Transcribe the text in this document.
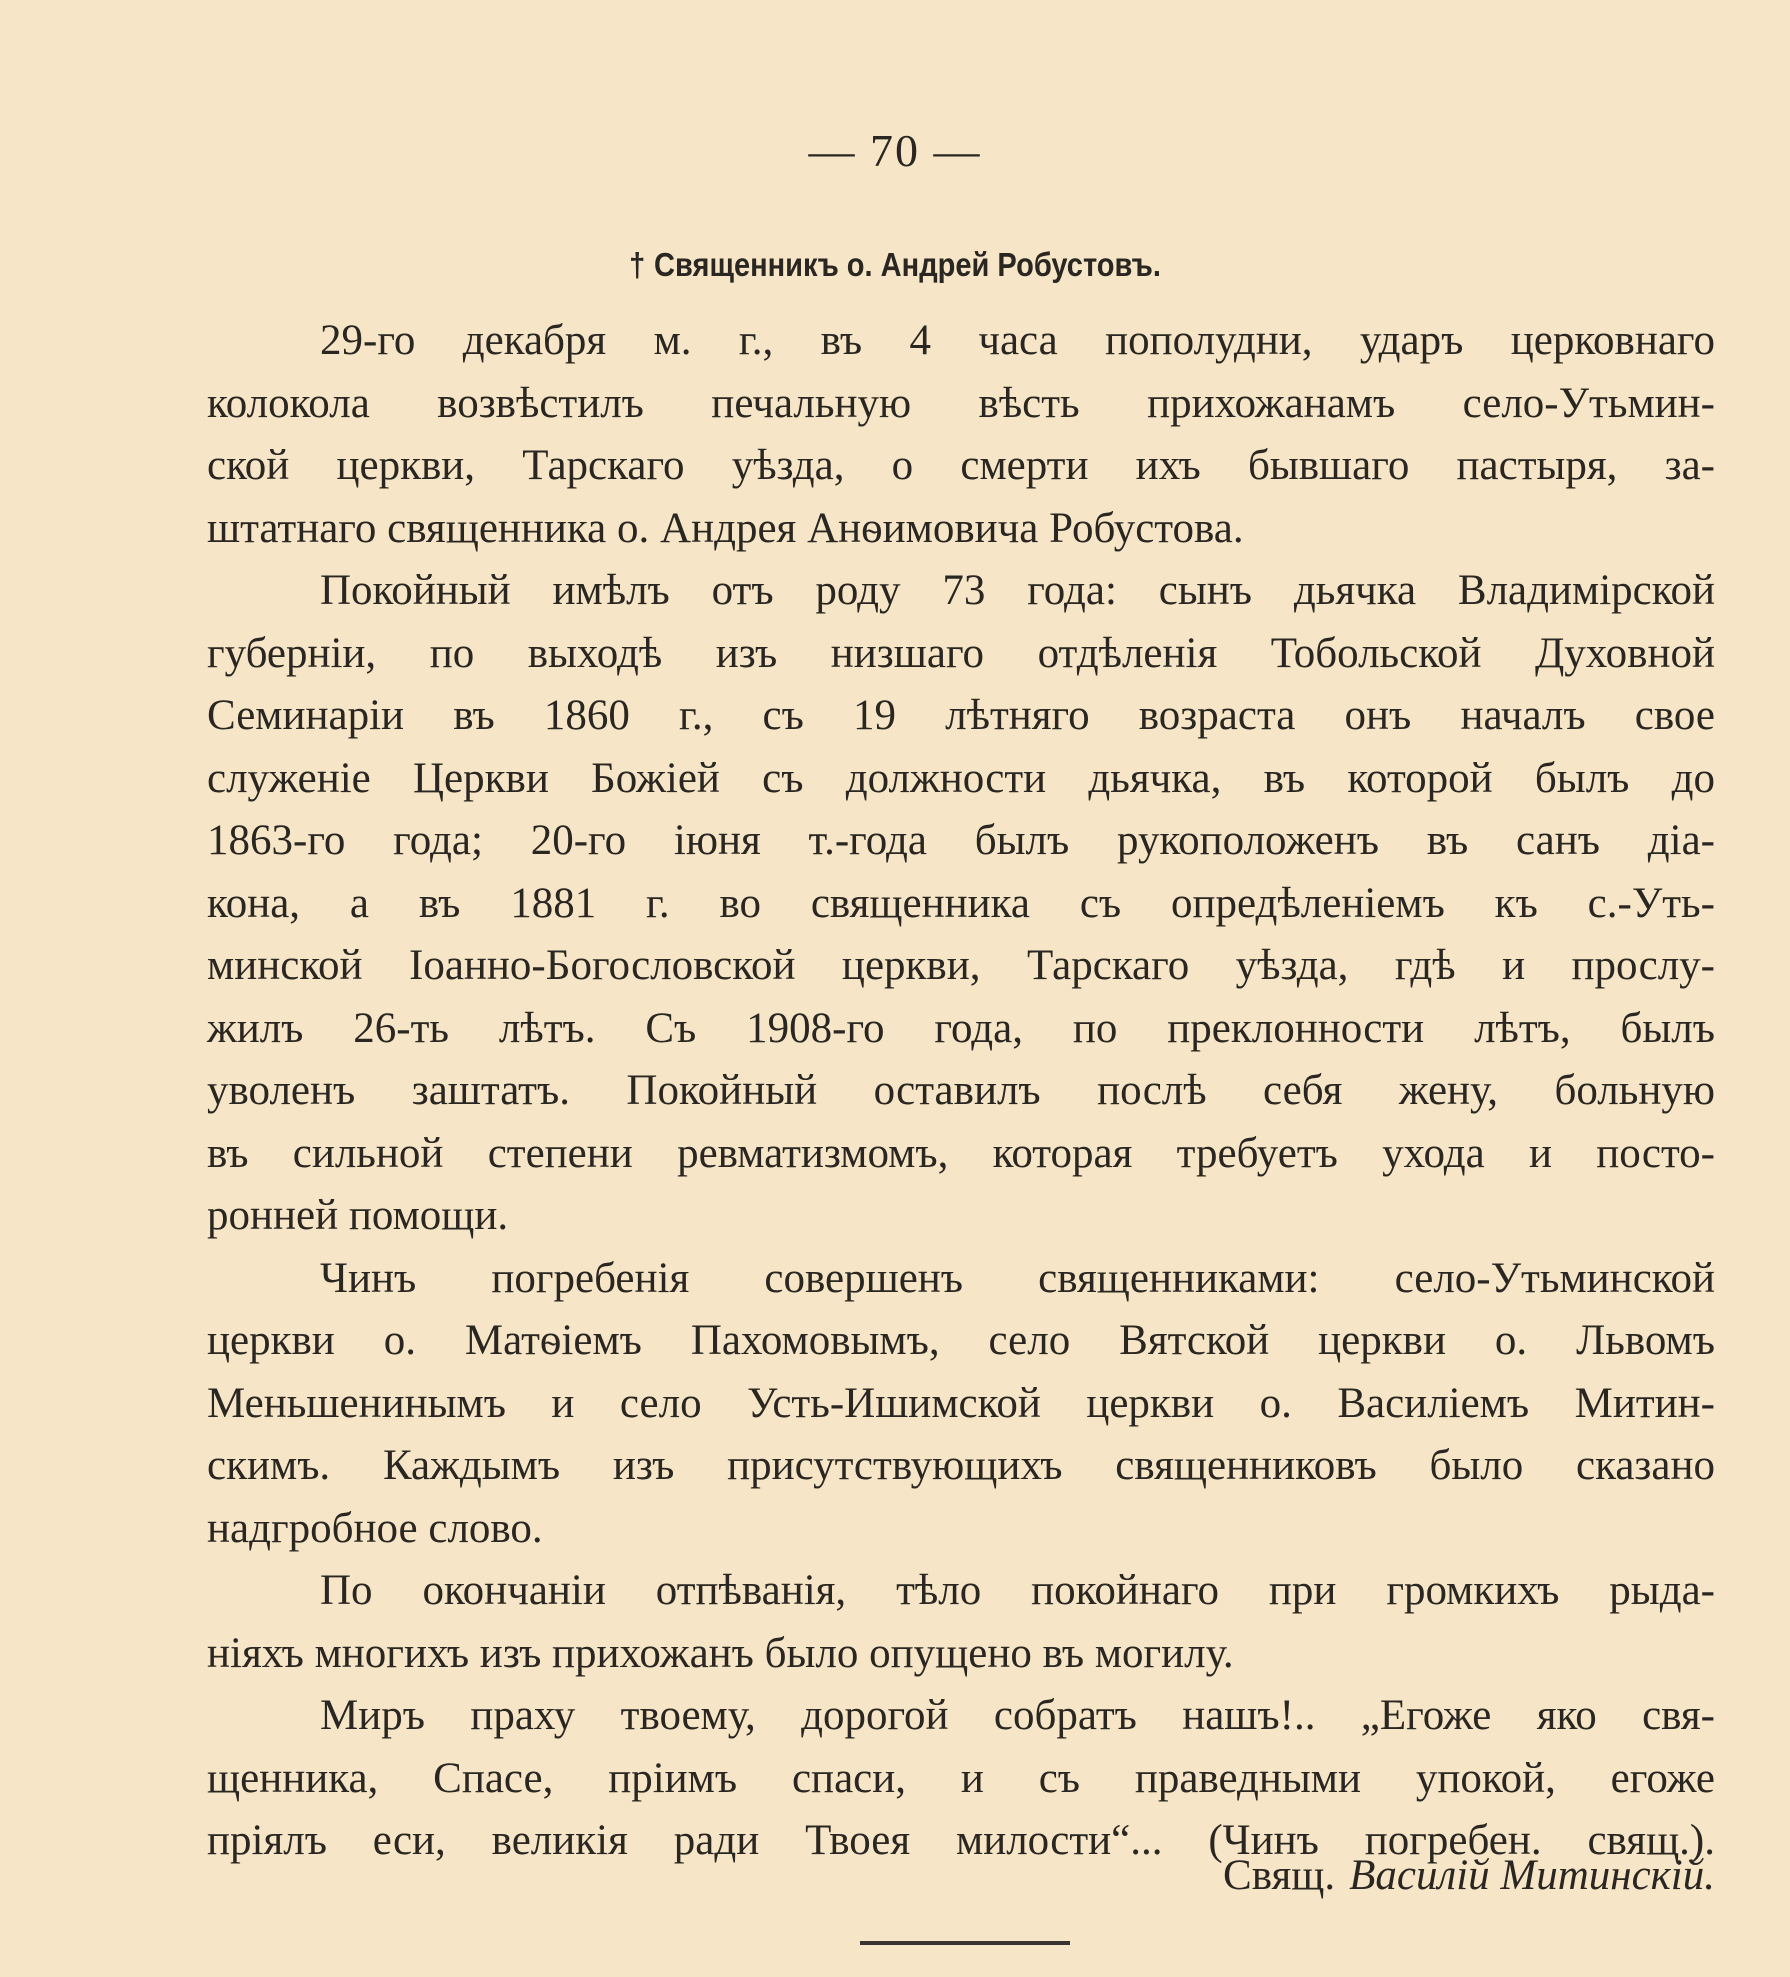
— 70 —
† Священникъ о. Андрей Робустовъ.
29-го декабря м. г., въ 4 часа пополудни, ударъ церковнаго
колокола возвѣстилъ печальную вѣсть прихожанамъ село-Утьмин-
ской церкви, Тарскаго уѣзда, о смерти ихъ бывшаго пастыря, за-
штатнаго священника о. Андрея Анѳимовича Робустова.
Покойный имѣлъ отъ роду 73 года: сынъ дьячка Владимірской
губерніи, по выходѣ изъ низшаго отдѣленія Тобольской Духовной
Семинаріи въ 1860 г., съ 19 лѣтняго возраста онъ началъ свое
служеніе Церкви Божіей съ должности дьячка, въ которой былъ до
1863-го года; 20-го іюня т.-года былъ рукоположенъ въ санъ діа-
кона, а въ 1881 г. во священника съ опредѣленіемъ къ с.-Уть-
минской Іоанно-Богословской церкви, Тарскаго уѣзда, гдѣ и прослу-
жилъ 26-ть лѣтъ. Съ 1908-го года, по преклонности лѣтъ, былъ
уволенъ заштатъ. Покойный оставилъ послѣ себя жену, больную
въ сильной степени ревматизмомъ, которая требуетъ ухода и посто-
ронней помощи.
Чинъ погребенія совершенъ священниками: село-Утьминской
церкви о. Матѳіемъ Пахомовымъ, село Вятской церкви о. Львомъ
Меньшенинымъ и село Усть-Ишимской церкви о. Василіемъ Митин-
скимъ. Каждымъ изъ присутствующихъ священниковъ было сказано
надгробное слово.
По окончаніи отпѣванія, тѣло покойнаго при громкихъ рыда-
ніяхъ многихъ изъ прихожанъ было опущено въ могилу.
Миръ праху твоему, дорогой собратъ нашъ!.. „Егоже яко свя-
щенника, Спасе, пріимъ спаси, и съ праведными упокой, егоже
пріялъ еси, великія ради Твоея милости“... (Чинъ погребен. свящ.).
Свящ. Василій Митинскій.
